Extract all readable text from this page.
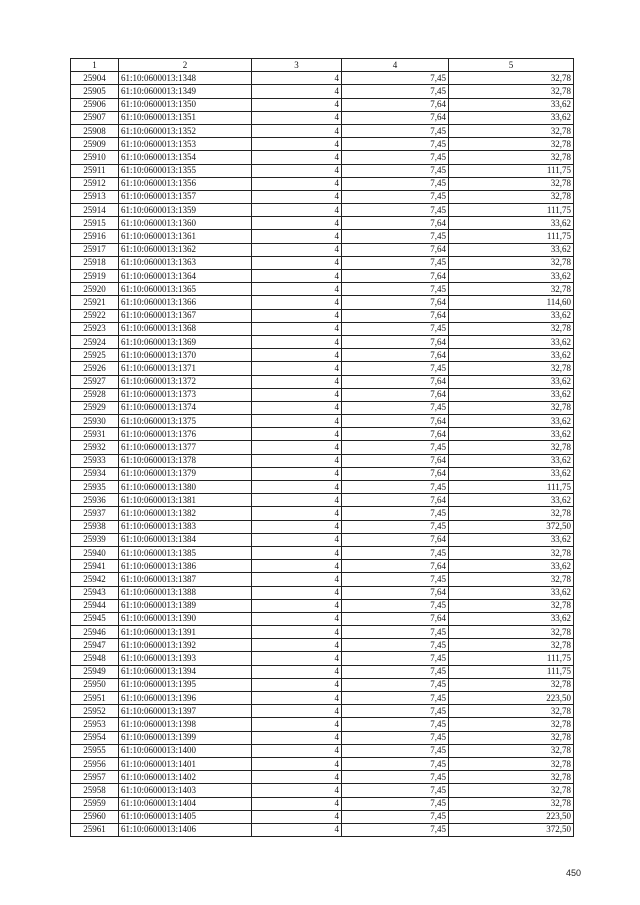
1	2	3	4	5
25904	61:10:0600013:1348	4	7,45	32,78
25905	61:10:0600013:1349	4	7,45	32,78
25906	61:10:0600013:1350	4	7,64	33,62
25907	61:10:0600013:1351	4	7,64	33,62
25908	61:10:0600013:1352	4	7,45	32,78
25909	61:10:0600013:1353	4	7,45	32,78
25910	61:10:0600013:1354	4	7,45	32,78
25911	61:10:0600013:1355	4	7,45	111,75
25912	61:10:0600013:1356	4	7,45	32,78
25913	61:10:0600013:1357	4	7,45	32,78
25914	61:10:0600013:1359	4	7,45	111,75
25915	61:10:0600013:1360	4	7,64	33,62
25916	61:10:0600013:1361	4	7,45	111,75
25917	61:10:0600013:1362	4	7,64	33,62
25918	61:10:0600013:1363	4	7,45	32,78
25919	61:10:0600013:1364	4	7,64	33,62
25920	61:10:0600013:1365	4	7,45	32,78
25921	61:10:0600013:1366	4	7,64	114,60
25922	61:10:0600013:1367	4	7,64	33,62
25923	61:10:0600013:1368	4	7,45	32,78
25924	61:10:0600013:1369	4	7,64	33,62
25925	61:10:0600013:1370	4	7,64	33,62
25926	61:10:0600013:1371	4	7,45	32,78
25927	61:10:0600013:1372	4	7,64	33,62
25928	61:10:0600013:1373	4	7,64	33,62
25929	61:10:0600013:1374	4	7,45	32,78
25930	61:10:0600013:1375	4	7,64	33,62
25931	61:10:0600013:1376	4	7,64	33,62
25932	61:10:0600013:1377	4	7,45	32,78
25933	61:10:0600013:1378	4	7,64	33,62
25934	61:10:0600013:1379	4	7,64	33,62
25935	61:10:0600013:1380	4	7,45	111,75
25936	61:10:0600013:1381	4	7,64	33,62
25937	61:10:0600013:1382	4	7,45	32,78
25938	61:10:0600013:1383	4	7,45	372,50
25939	61:10:0600013:1384	4	7,64	33,62
25940	61:10:0600013:1385	4	7,45	32,78
25941	61:10:0600013:1386	4	7,64	33,62
25942	61:10:0600013:1387	4	7,45	32,78
25943	61:10:0600013:1388	4	7,64	33,62
25944	61:10:0600013:1389	4	7,45	32,78
25945	61:10:0600013:1390	4	7,64	33,62
25946	61:10:0600013:1391	4	7,45	32,78
25947	61:10:0600013:1392	4	7,45	32,78
25948	61:10:0600013:1393	4	7,45	111,75
25949	61:10:0600013:1394	4	7,45	111,75
25950	61:10:0600013:1395	4	7,45	32,78
25951	61:10:0600013:1396	4	7,45	223,50
25952	61:10:0600013:1397	4	7,45	32,78
25953	61:10:0600013:1398	4	7,45	32,78
25954	61:10:0600013:1399	4	7,45	32,78
25955	61:10:0600013:1400	4	7,45	32,78
25956	61:10:0600013:1401	4	7,45	32,78
25957	61:10:0600013:1402	4	7,45	32,78
25958	61:10:0600013:1403	4	7,45	32,78
25959	61:10:0600013:1404	4	7,45	32,78
25960	61:10:0600013:1405	4	7,45	223,50
25961	61:10:0600013:1406	4	7,45	372,50
450
